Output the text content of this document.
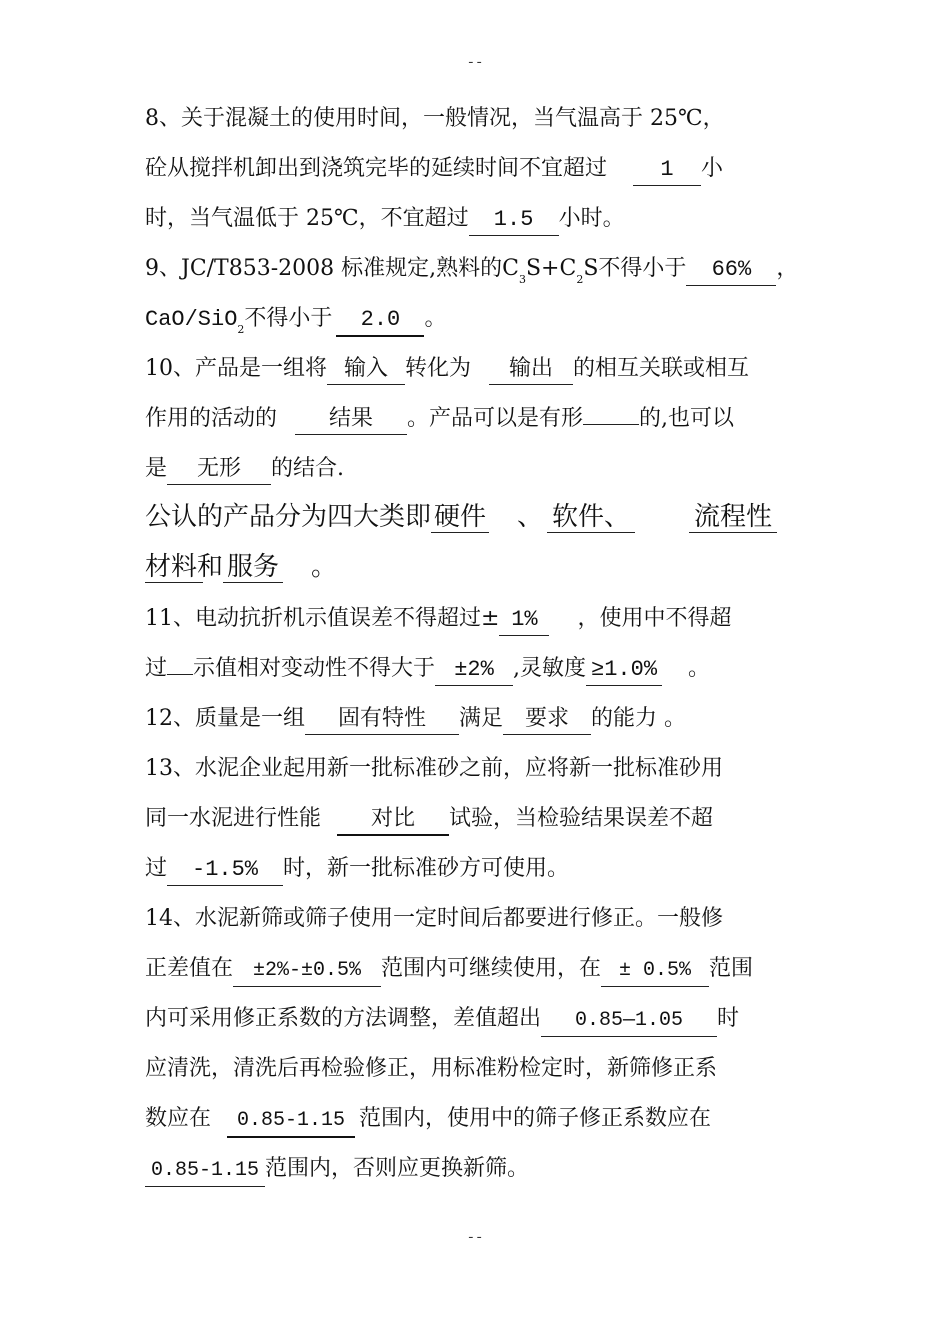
--
8、关于混凝土的使用时间，一般情况，当气温高于 25℃，
砼从搅拌机卸出到浇筑完毕的延续时间不宜超过 1 小
时，当气温低于 25℃，不宜超过 1.5 小时。
9、JC/T853-2008 标准规定,熟料的$C_3S+C_2S$不得小于 66% ，
CaO/SiO$_2$不得小于 2.0 。
10、产品是一组将 输入 转化为 输出 的相互关联或相互
作用的活动的 结果 。产品可以是有形	的,也可以
是 无形 的结合.
公认的产品分为四大类即 硬件 、 软件、 流程性
材料和 服务 。
11、电动抗折机示值误差不得超过± 1% ，使用中不得超
过 示值相对变动性不得大于 ±2% ,灵敏度 ≥1.0% 。
12、质量是一组 固有特性 满足 要求 的能力 。
13、水泥企业起用新一批标准砂之前，应将新一批标准砂用
同一水泥进行性能 对比 试验，当检验结果误差不超
过 -1.5% 时，新一批标准砂方可使用。
14、水泥新筛或筛子使用一定时间后都要进行修正。一般修
正差值在 ±2%-±0.5% 范围内可继续使用，在 ± 0.5% 范围
内可采用修正系数的方法调整，差值超出 0.85—1.05 时
应清洗，清洗后再检验修正，用标准粉检定时，新筛修正系
数应在 0.85-1.15 范围内，使用中的筛子修正系数应在
0.85-1.15 范围内，否则应更换新筛。
--
